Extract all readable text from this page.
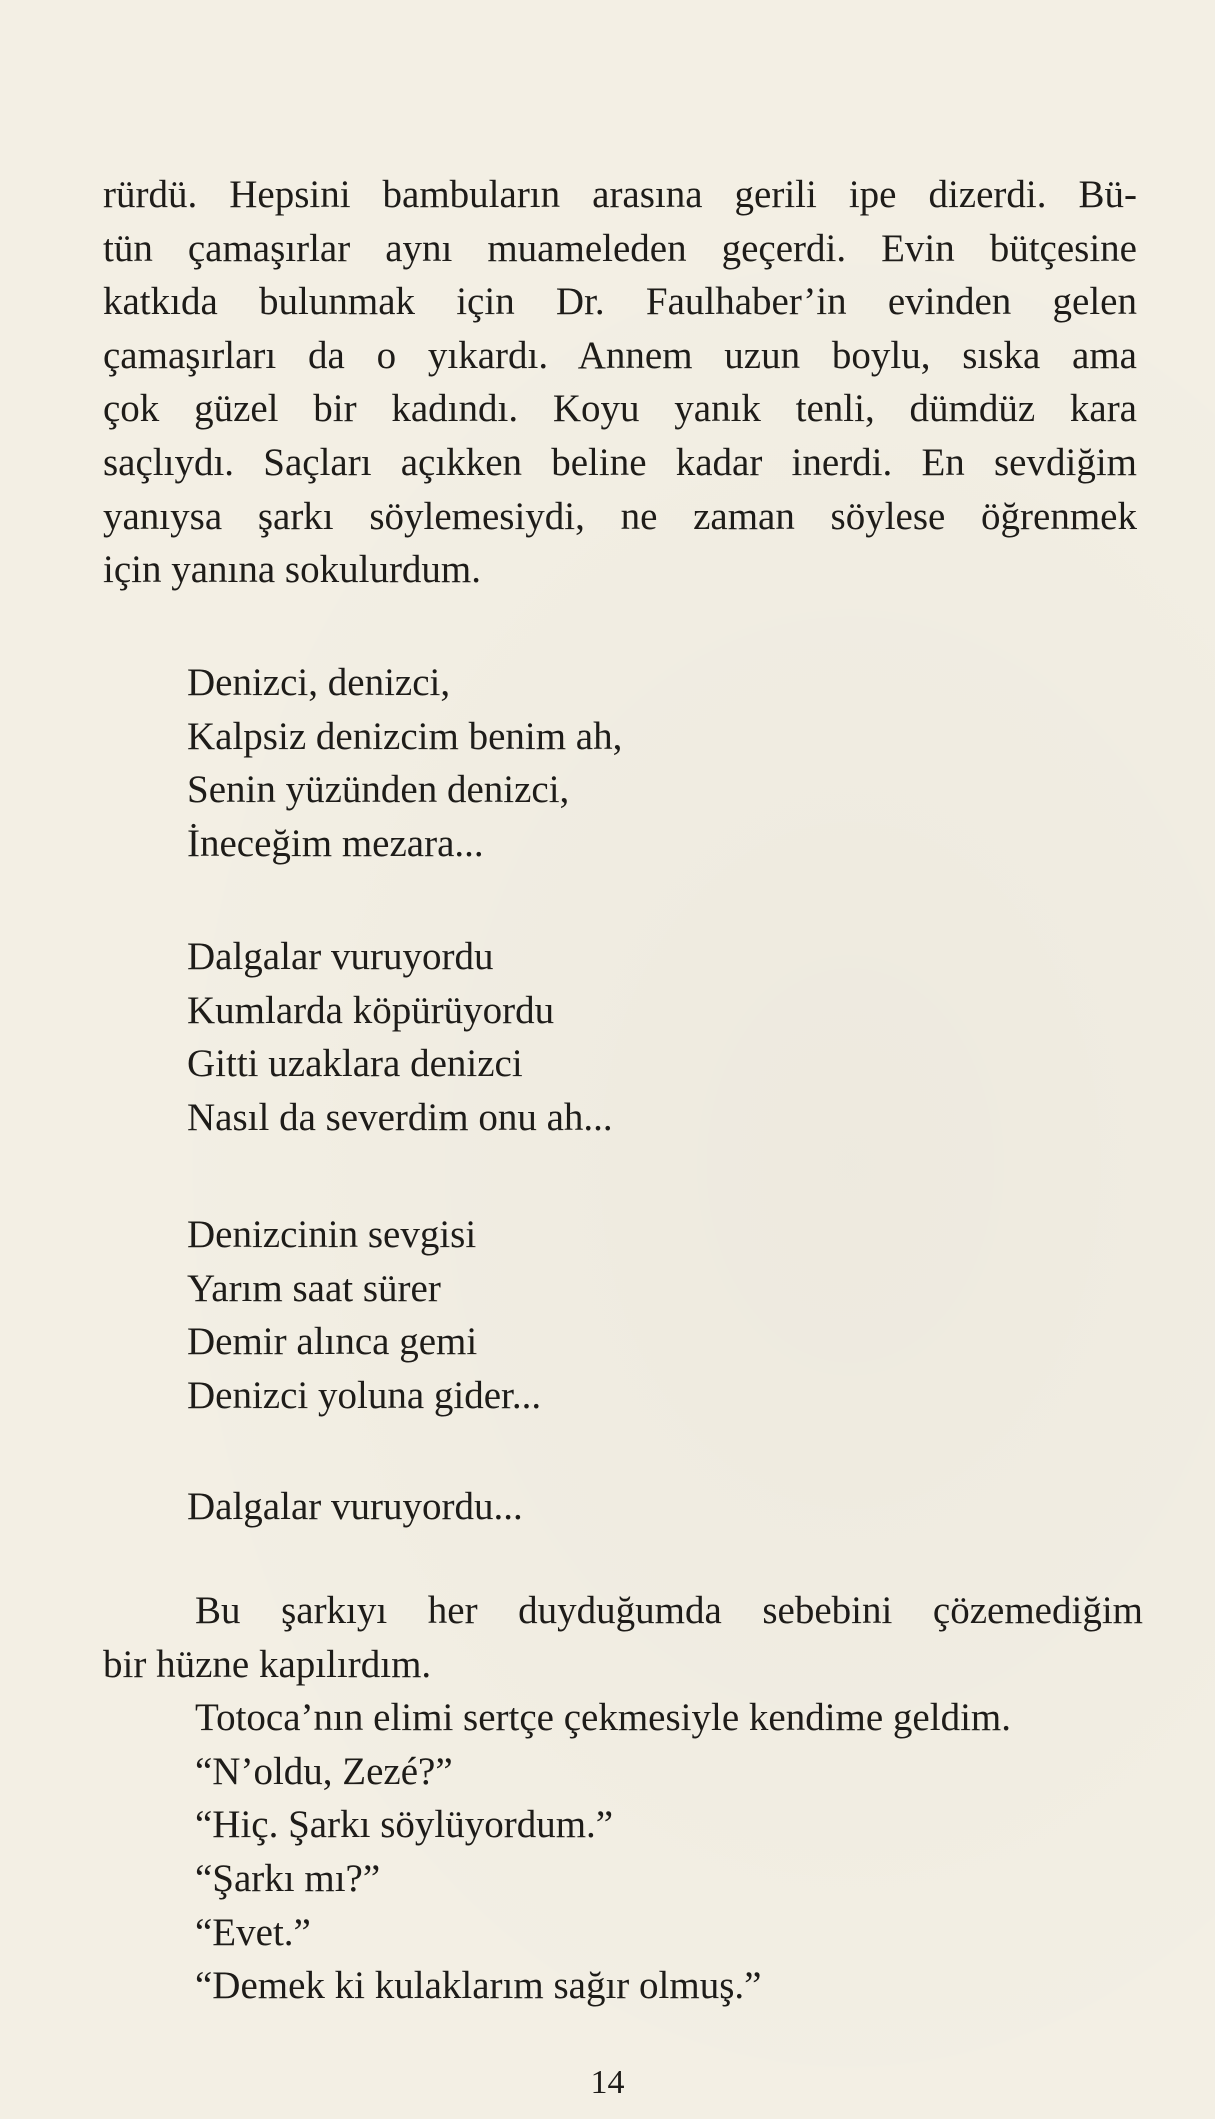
rürdü. Hepsini bambuların arasına gerili ipe dizerdi. Bü-
tün çamaşırlar aynı muameleden geçerdi. Evin bütçesine
katkıda bulunmak için Dr. Faulhaber’in evinden gelen
çamaşırları da o yıkardı. Annem uzun boylu, sıska ama
çok güzel bir kadındı. Koyu yanık tenli, dümdüz kara
saçlıydı. Saçları açıkken beline kadar inerdi. En sevdiğim
yanıysa şarkı söylemesiydi, ne zaman söylese öğrenmek
için yanına sokulurdum.
Denizci, denizci,
Kalpsiz denizcim benim ah,
Senin yüzünden denizci,
İneceğim mezara...
Dalgalar vuruyordu
Kumlarda köpürüyordu
Gitti uzaklara denizci
Nasıl da severdim onu ah...
Denizcinin sevgisi
Yarım saat sürer
Demir alınca gemi
Denizci yoluna gider...
Dalgalar vuruyordu...
Bu şarkıyı her duyduğumda sebebini çözemediğim
bir hüzne kapılırdım.
Totoca’nın elimi sertçe çekmesiyle kendime geldim.
“N’oldu, Zezé?”
“Hiç. Şarkı söylüyordum.”
“Şarkı mı?”
“Evet.”
“Demek ki kulaklarım sağır olmuş.”
14
